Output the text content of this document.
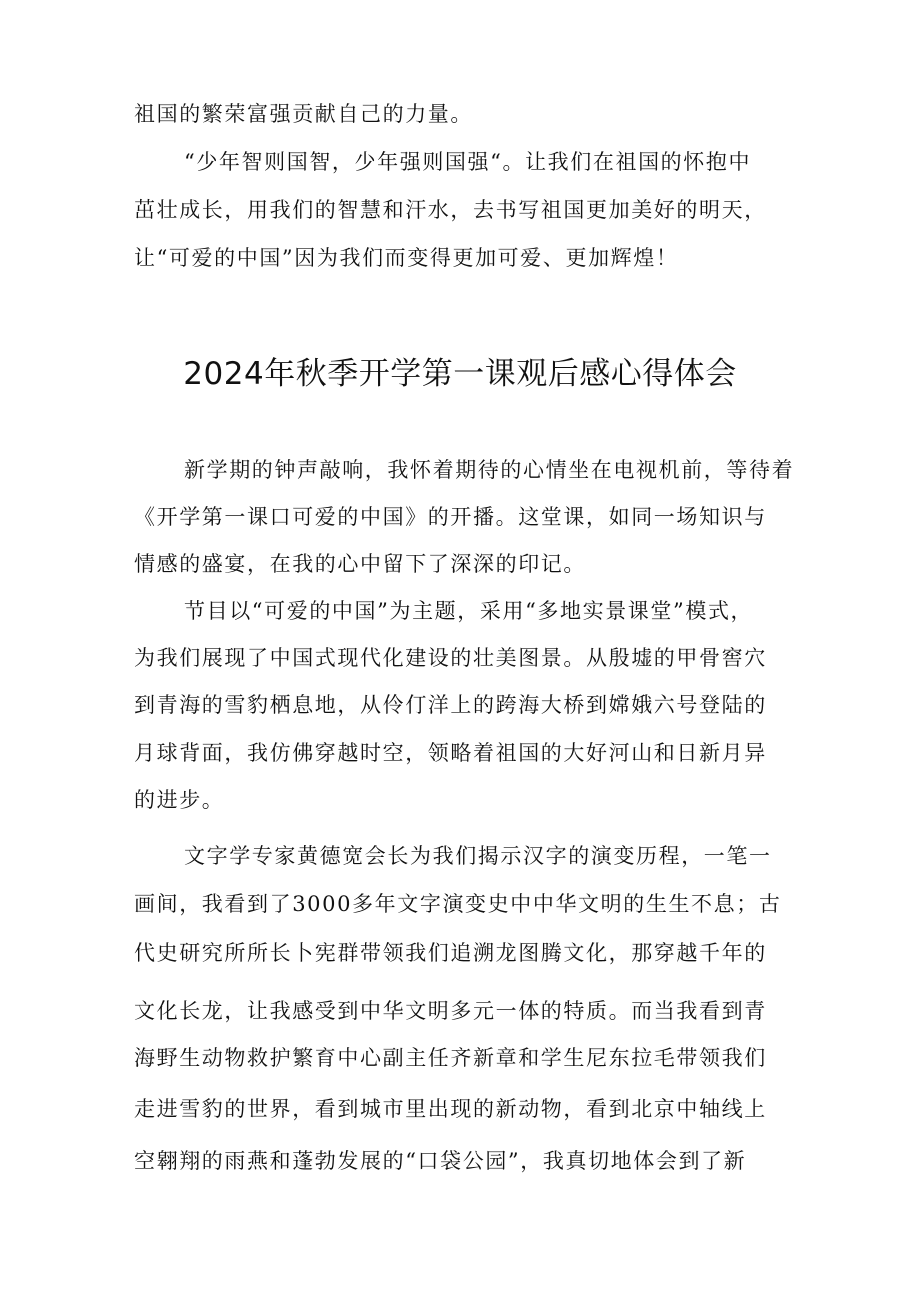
祖国的繁荣富强贡献自己的力量。
“少年智则国智，少年强则国强“。让我们在祖国的怀抱中
茁壮成长，用我们的智慧和汗水，去书写祖国更加美好的明天，
让“可爱的中国”因为我们而变得更加可爱、更加辉煌！
2024年秋季开学第一课观后感心得体会
新学期的钟声敲响，我怀着期待的心情坐在电视机前，等待着
《开学第一课口可爱的中国》的开播。这堂课，如同一场知识与
情感的盛宴，在我的心中留下了深深的印记。
节目以“可爱的中国”为主题，采用“多地实景课堂”模式，
为我们展现了中国式现代化建设的壮美图景。从殷墟的甲骨窖穴
到青海的雪豹栖息地，从伶仃洋上的跨海大桥到嫦娥六号登陆的
月球背面，我仿佛穿越时空，领略着祖国的大好河山和日新月异
的进步。
文字学专家黄德宽会长为我们揭示汉字的演变历程，一笔一
画间，我看到了3000多年文字演变史中中华文明的生生不息；古
代史研究所所长卜宪群带领我们追溯龙图腾文化，那穿越千年的
文化长龙，让我感受到中华文明多元一体的特质。而当我看到青
海野生动物救护繁育中心副主任齐新章和学生尼东拉毛带领我们
走进雪豹的世界，看到城市里出现的新动物，看到北京中轴线上
空翱翔的雨燕和蓬勃发展的“口袋公园”，我真切地体会到了新
